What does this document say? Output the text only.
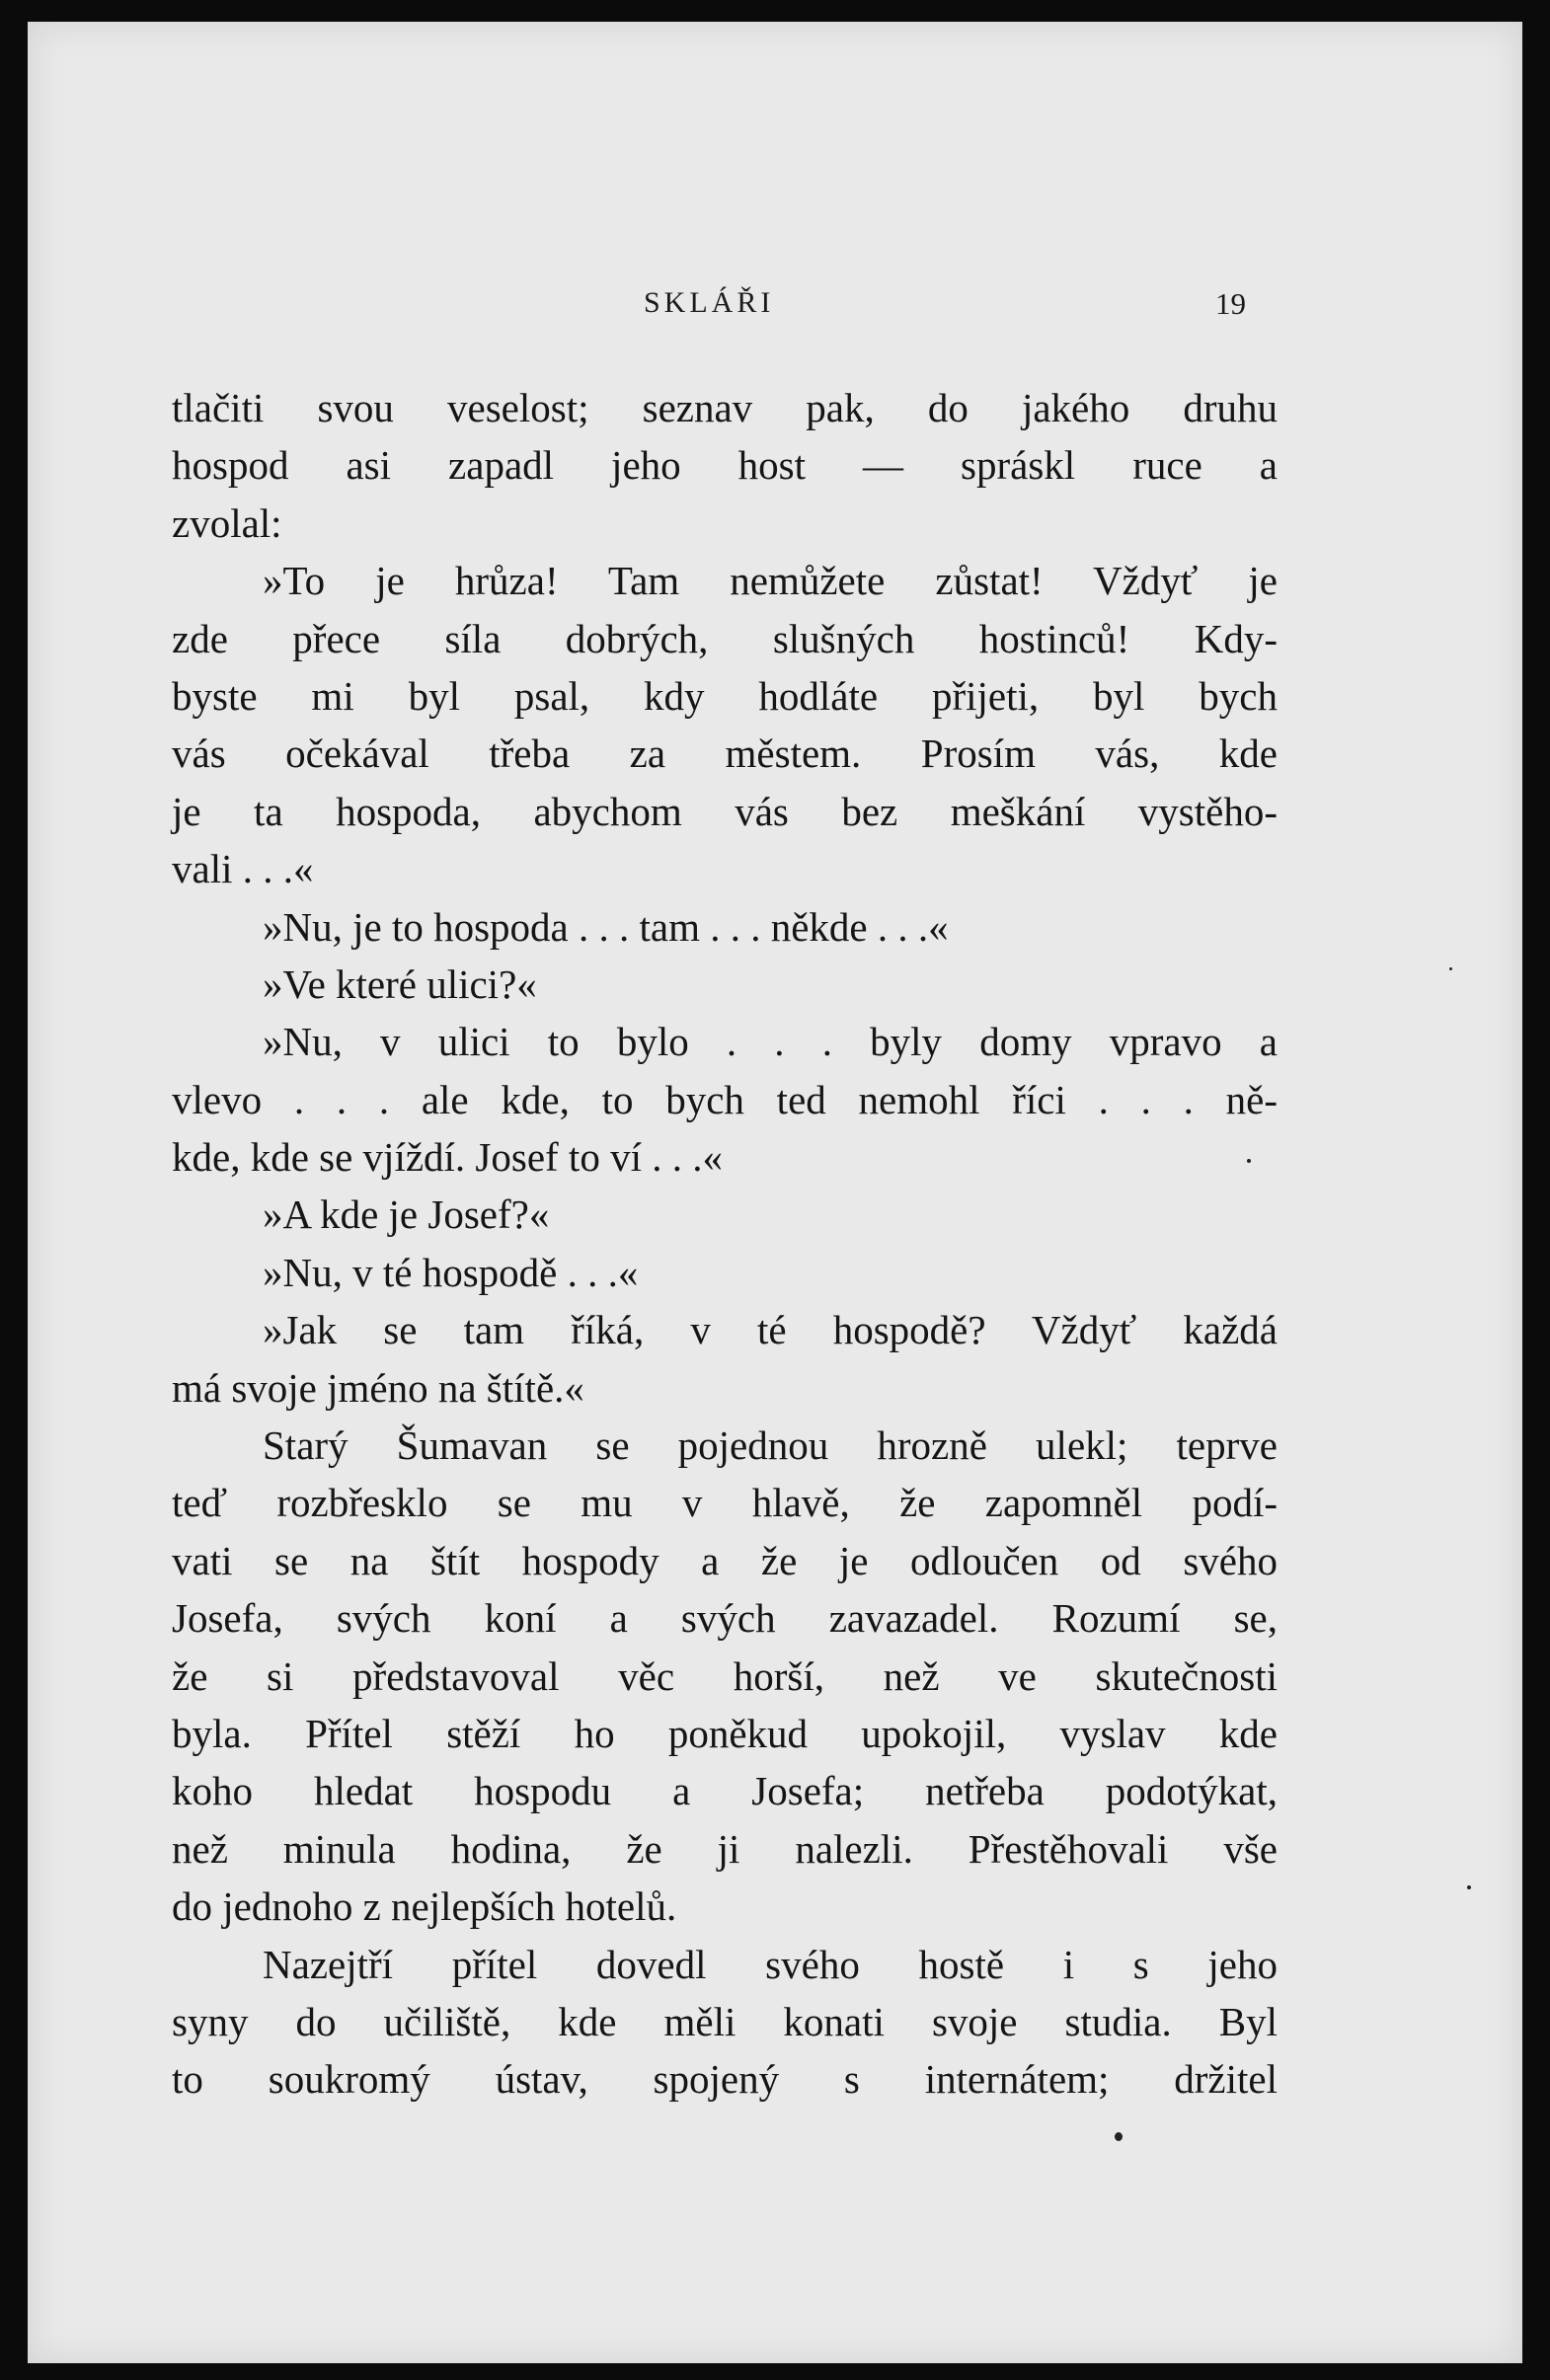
SKLÁŘI	19
tlačiti svou veselost; seznav pak, do jakého druhu
hospod asi zapadl jeho host — spráskl ruce a
zvolal:
»To je hrůza! Tam nemůžete zůstat! Vždyť je
zde přece síla dobrých, slušných hostinců! Kdy-
byste mi byl psal, kdy hodláte přijeti, byl bych
vás očekával třeba za městem. Prosím vás, kde
je ta hospoda, abychom vás bez meškání vystěho-
vali . . .«
»Nu, je to hospoda . . . tam . . . někde . . .«
»Ve které ulici?«
»Nu, v ulici to bylo . . . byly domy vpravo a
vlevo . . . ale kde, to bych ted nemohl říci . . . ně-
kde, kde se vjíždí. Josef to ví . . .«
»A kde je Josef?«
»Nu, v té hospodě . . .«
»Jak se tam říká, v té hospodě? Vždyť každá
má svoje jméno na štítě.«
Starý Šumavan se pojednou hrozně ulekl; teprve
teď rozbřesklo se mu v hlavě, že zapomněl podí-
vati se na štít hospody a že je odloučen od svého
Josefa, svých koní a svých zavazadel. Rozumí se,
že si představoval věc horší, než ve skutečnosti
byla. Přítel stěží ho poněkud upokojil, vyslav kde
koho hledat hospodu a Josefa; netřeba podotýkat,
než minula hodina, že ji nalezli. Přestěhovali vše
do jednoho z nejlepších hotelů.
Nazejtří přítel dovedl svého hostě i s jeho
syny do učiliště, kde měli konati svoje studia. Byl
to soukromý ústav, spojený s internátem; držitel
